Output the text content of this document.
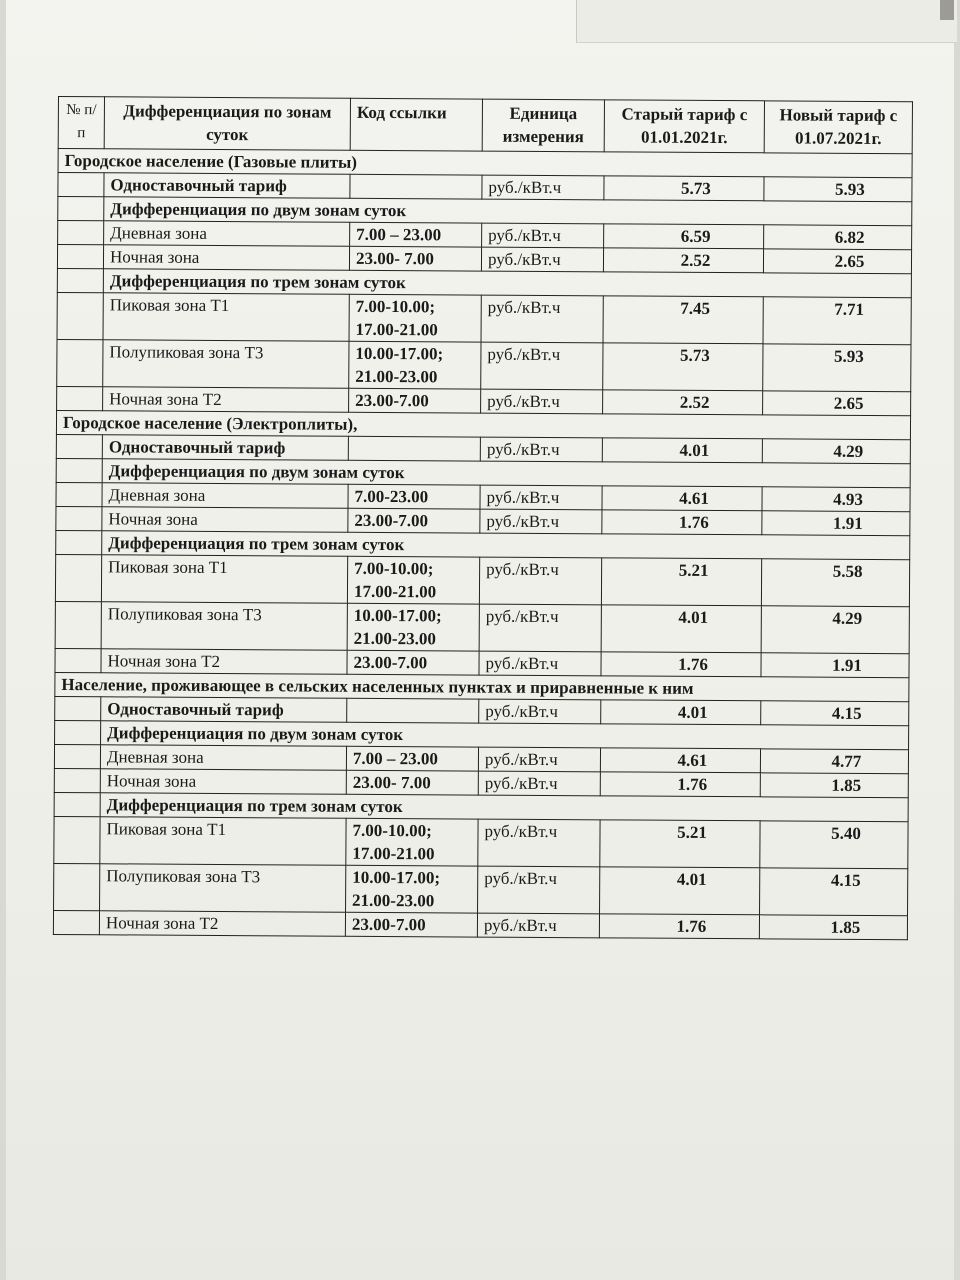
№ п/п	Дифференциация по зонам суток	Код ссылки	Единица измерения	Старый тариф с 01.01.2021г.	Новый тариф с 01.07.2021г.
Городское население (Газовые плиты)					
	Одноставочный тариф		руб./кВт.ч	5.73	5.93
	Дифференциация по двум зонам суток				
	Дневная зона	7.00 – 23.00	руб./кВт.ч	6.59	6.82
	Ночная зона	23.00- 7.00	руб./кВт.ч	2.52	2.65
	Дифференциация по трем зонам суток				
	Пиковая зона Т1	7.00-10.00;
17.00-21.00	руб./кВт.ч	7.45	7.71
	Полупиковая зона Т3	10.00-17.00;
21.00-23.00	руб./кВт.ч	5.73	5.93
	Ночная зона Т2	23.00-7.00	руб./кВт.ч	2.52	2.65
Городское население (Электроплиты),					
	Одноставочный тариф		руб./кВт.ч	4.01	4.29
	Дифференциация по двум зонам суток				
	Дневная зона	7.00-23.00	руб./кВт.ч	4.61	4.93
	Ночная зона	23.00-7.00	руб./кВт.ч	1.76	1.91
	Дифференциация по трем зонам суток				
	Пиковая зона Т1	7.00-10.00;
17.00-21.00	руб./кВт.ч	5.21	5.58
	Полупиковая зона Т3	10.00-17.00;
21.00-23.00	руб./кВт.ч	4.01	4.29
	Ночная зона Т2	23.00-7.00	руб./кВт.ч	1.76	1.91
Население, проживающее в сельских населенных пунктах и приравненные к ним					
	Одноставочный тариф		руб./кВт.ч	4.01	4.15
	Дифференциация по двум зонам суток				
	Дневная зона	7.00 – 23.00	руб./кВт.ч	4.61	4.77
	Ночная зона	23.00- 7.00	руб./кВт.ч	1.76	1.85
	Дифференциация по трем зонам суток				
	Пиковая зона Т1	7.00-10.00;
17.00-21.00	руб./кВт.ч	5.21	5.40
	Полупиковая зона Т3	10.00-17.00;
21.00-23.00	руб./кВт.ч	4.01	4.15
	Ночная зона Т2	23.00-7.00	руб./кВт.ч	1.76	1.85
